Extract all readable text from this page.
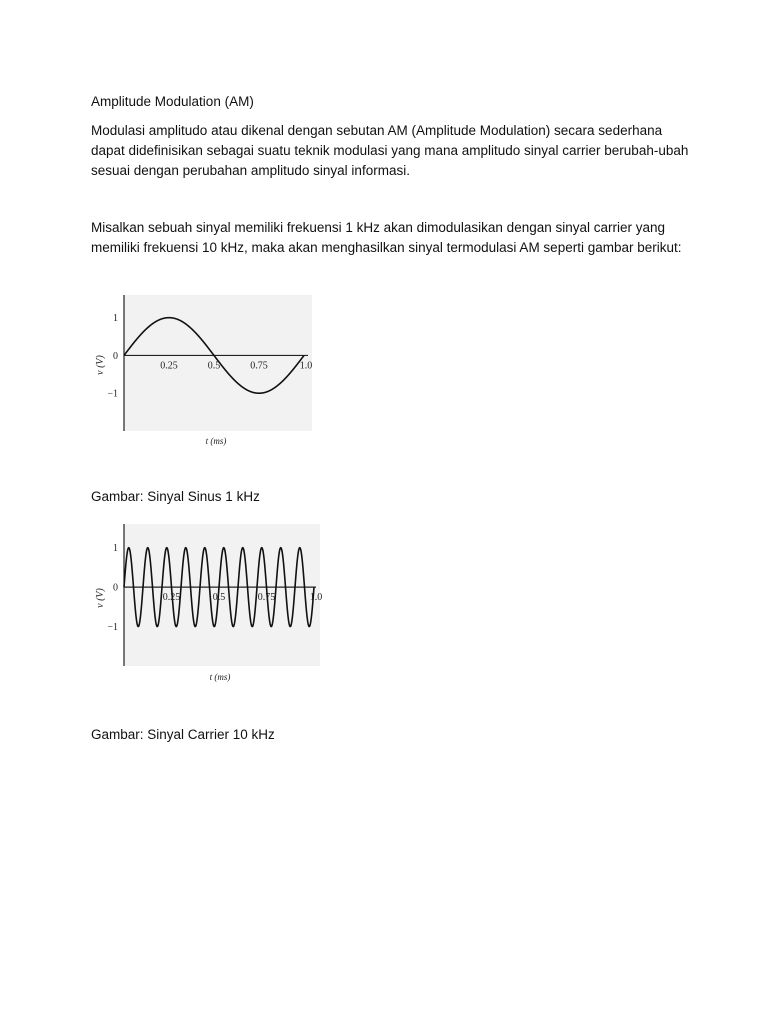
Amplitude Modulation (AM)

Modulasi amplitudo atau dikenal dengan sebutan AM (Amplitude Modulation) secara sederhana dapat didefinisikan sebagai suatu teknik modulasi yang mana amplitudo sinyal carrier berubah-ubah sesuai dengan perubahan amplitudo sinyal informasi.

Misalkan sebuah sinyal memiliki frekuensi 1 kHz akan dimodulasikan dengan sinyal carrier yang memiliki frekuensi 10 kHz, maka akan menghasilkan sinyal termodulasi AM seperti gambar berikut:

1
0
−1
0.25	0.5	0.75	1.0
v (V)
t (ms)
Gambar: Sinyal Sinus 1 kHz
1
0
−1
0.25	0.5	0.75	1.0
v (V)
t (ms)
Gambar: Sinyal Carrier 10 kHz
